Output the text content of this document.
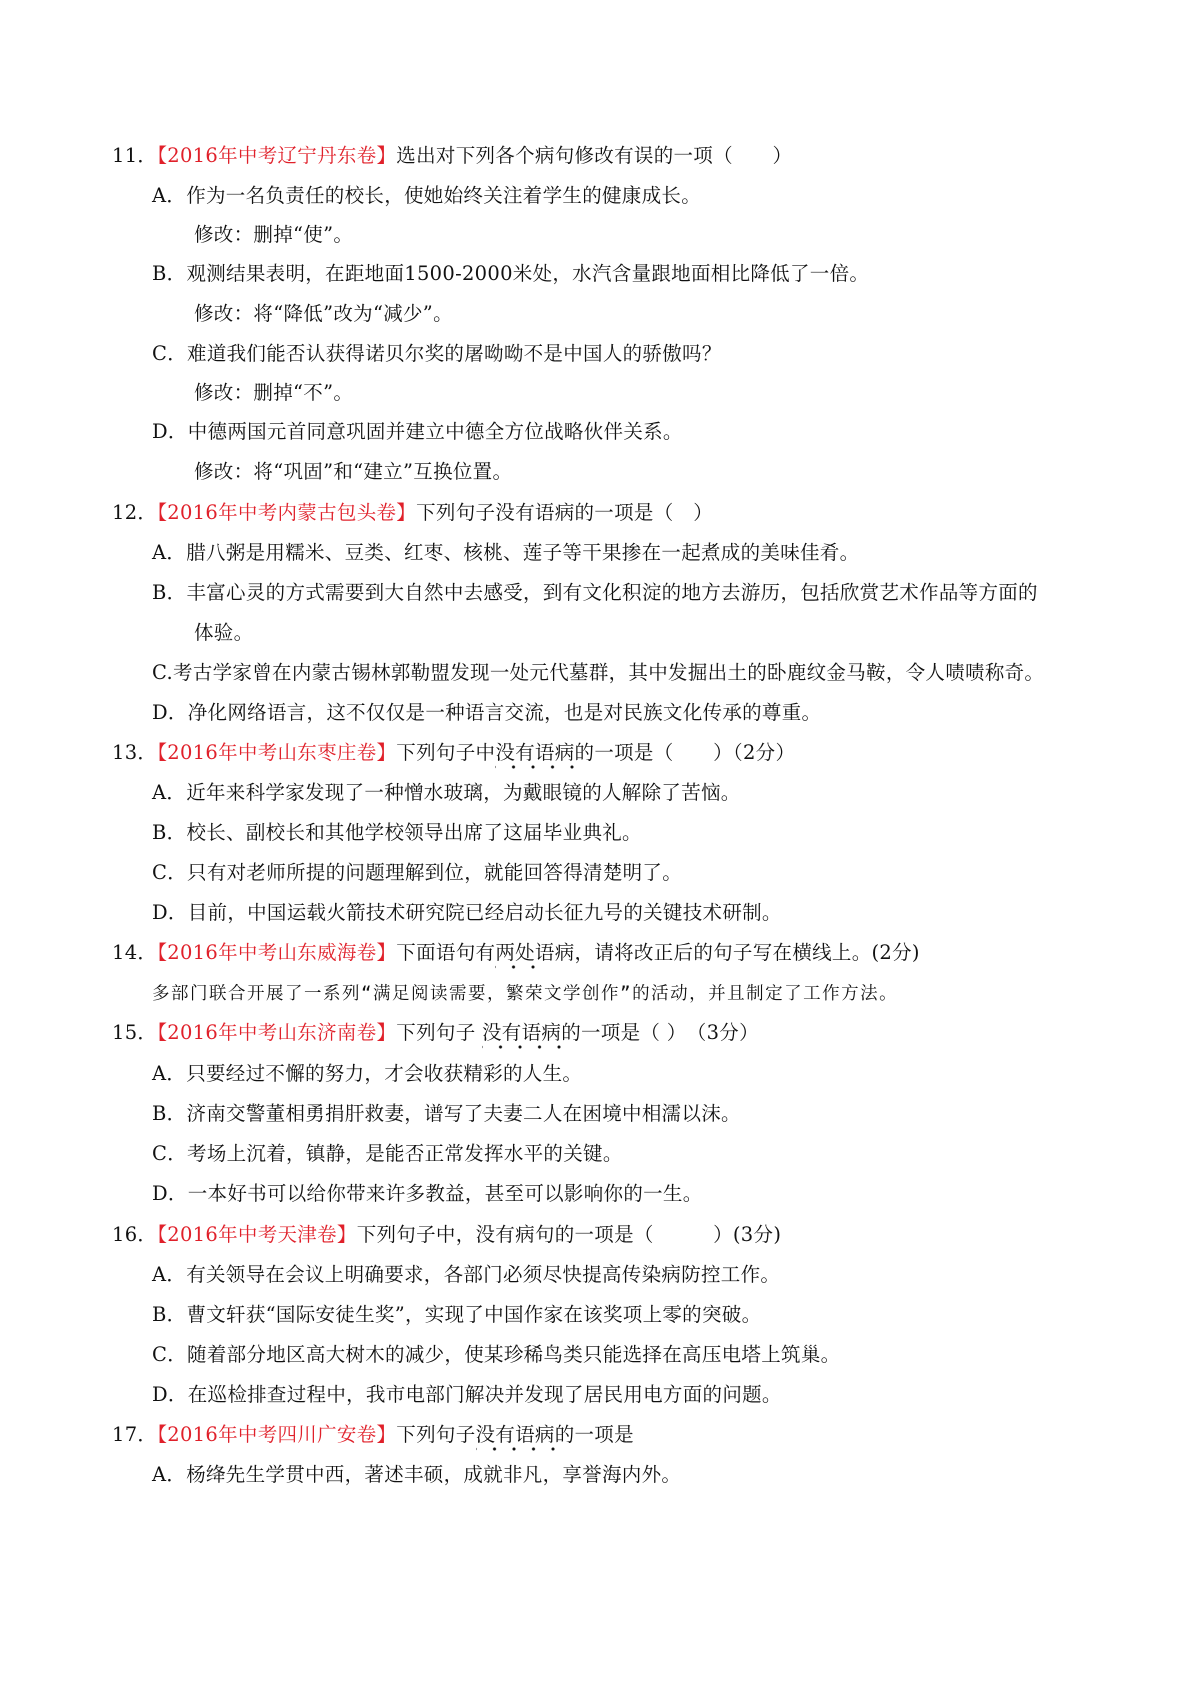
11．【2016年中考辽宁丹东卷】选出对下列各个病句修改有误的一项（　　）
A．作为一名负责任的校长，使她始终关注着学生的健康成长。
修改：删掉“使”。
B．观测结果表明，在距地面1500-2000米处，水汽含量跟地面相比降低了一倍。
修改：将“降低”改为“减少”。
C．难道我们能否认获得诺贝尔奖的屠呦呦不是中国人的骄傲吗？
修改：删掉“不”。
D．中德两国元首同意巩固并建立中德全方位战略伙伴关系。
修改：将“巩固”和“建立”互换位置。
12．【2016年中考内蒙古包头卷】下列句子没有语病的一项是（　）
A．腊八粥是用糯米、豆类、红枣、核桃、莲子等干果掺在一起煮成的美味佳肴。
B．丰富心灵的方式需要到大自然中去感受，到有文化积淀的地方去游历，包括欣赏艺术作品等方面的
体验。
C.考古学家曾在内蒙古锡林郭勒盟发现一处元代墓群，其中发掘出土的卧鹿纹金马鞍，令人啧啧称奇。
D．净化网络语言，这不仅仅是一种语言交流，也是对民族文化传承的尊重。
13．【2016年中考山东枣庄卷】下列句子中没有语病的一项是（　　）（2分）
A．近年来科学家发现了一种憎水玻璃，为戴眼镜的人解除了苦恼。
B．校长、副校长和其他学校领导出席了这届毕业典礼。
C．只有对老师所提的问题理解到位，就能回答得清楚明了。
D．目前，中国运载火箭技术研究院已经启动长征九号的关键技术研制。
14．【2016年中考山东威海卷】下面语句有两处语病，请将改正后的句子写在横线上。(2分)
多部门联合开展了一系列“满足阅读需要，繁荣文学创作”的活动，并且制定了工作方法。
15．【2016年中考山东济南卷】下列句子 没有语病的一项是（ ）　（3分）
A．只要经过不懈的努力，才会收获精彩的人生。
B．济南交警董相勇捐肝救妻，谱写了夫妻二人在困境中相濡以沫。
C．考场上沉着，镇静，是能否正常发挥水平的关键。
D．一本好书可以给你带来许多教益，甚至可以影响你的一生。
16．【2016年中考天津卷】下列句子中，没有病句的一项是（　　　）(3分)
A．有关领导在会议上明确要求，各部门必须尽快提高传染病防控工作。
B．曹文轩获“国际安徒生奖”，实现了中国作家在该奖项上零的突破。
C．随着部分地区高大树木的减少，使某珍稀鸟类只能选择在高压电塔上筑巢。
D．在巡检排查过程中，我市电部门解决并发现了居民用电方面的问题。
17．【2016年中考四川广安卷】下列句子没有语病的一项是
A．杨绛先生学贯中西，著述丰硕，成就非凡，享誉海内外。
